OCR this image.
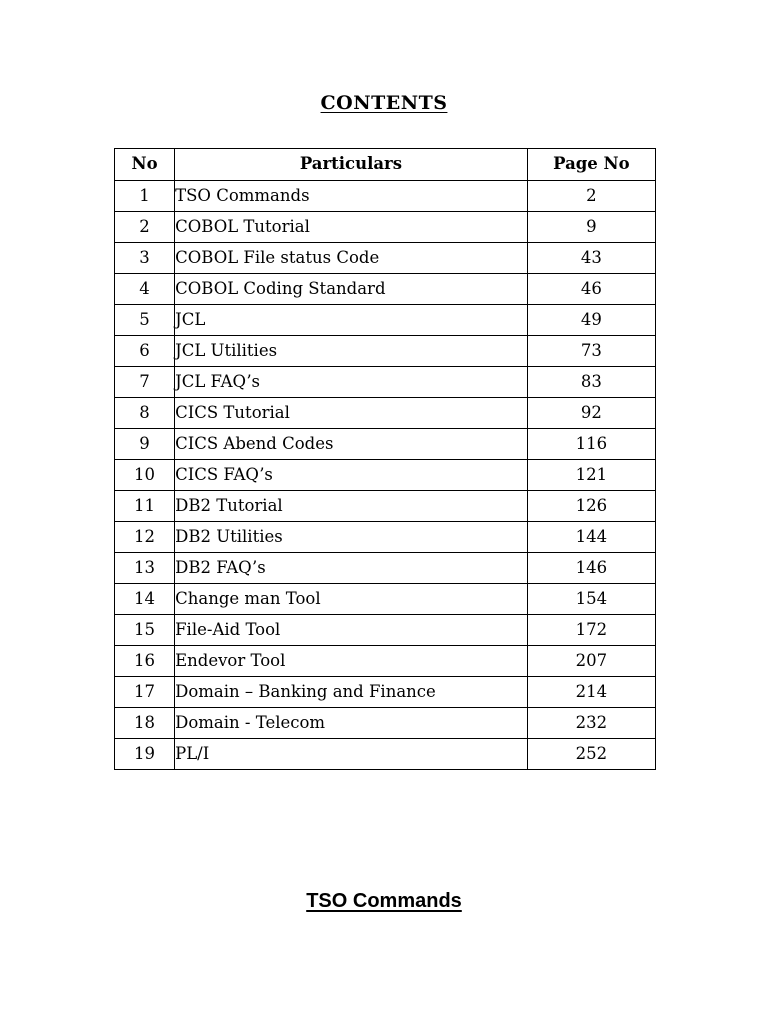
CONTENTS
No	Particulars	Page No
1	TSO Commands	2
2	COBOL Tutorial	9
3	COBOL File status Code	43
4	COBOL Coding Standard	46
5	JCL	49
6	JCL Utilities	73
7	JCL FAQ’s	83
8	CICS Tutorial	92
9	CICS Abend Codes	116
10	CICS FAQ’s	121
11	DB2 Tutorial	126
12	DB2 Utilities	144
13	DB2 FAQ’s	146
14	Change man Tool	154
15	File-Aid Tool	172
16	Endevor Tool	207
17	Domain – Banking and Finance	214
18	Domain - Telecom	232
19	PL/I	252
TSO Commands
